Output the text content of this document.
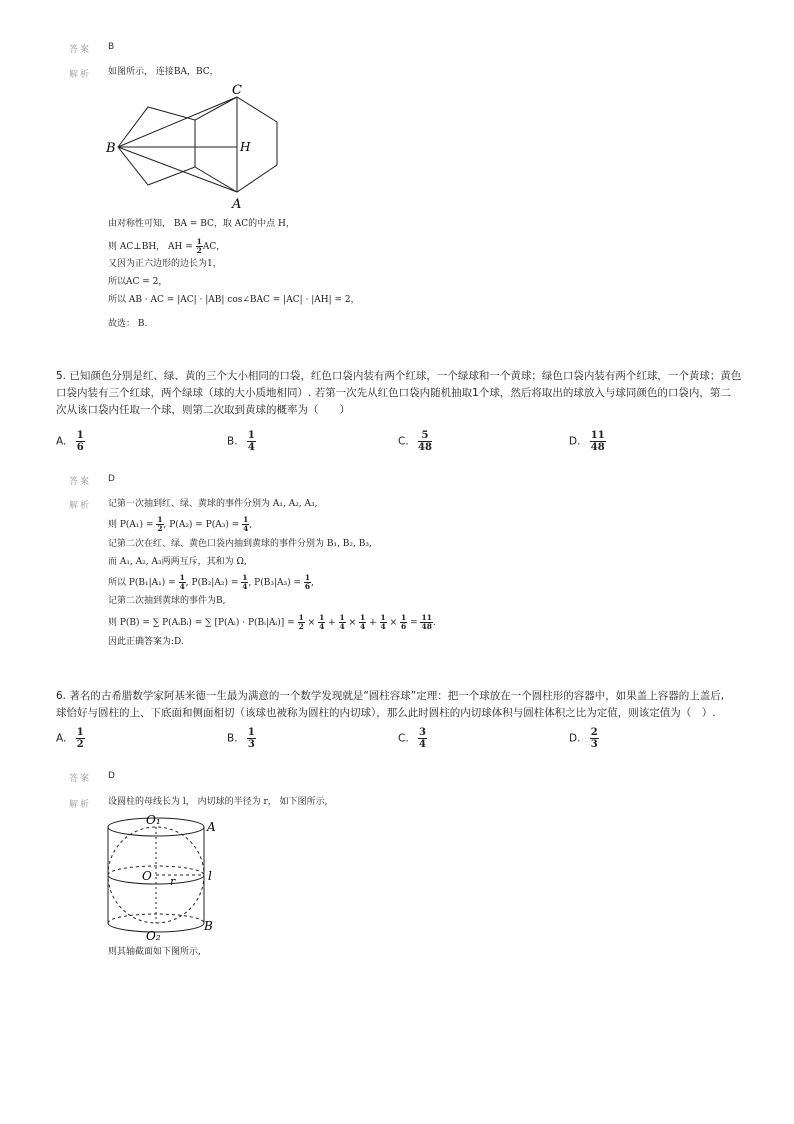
答案 B
解析 如图所示， 连接BA，BC，
C
B	H
A
由对称性可知， BA = BC，取 AC的中点 H，
则 AC⊥BH， AH = $\frac{1}{2}$ AC，
又因为正六边形的边长为1，
所以AC = 2，
所以 AB · AC = |AC| · |AB| cos∠BAC = |AC| · |AH| = 2，
故选： B.
5. 已知颜色分别是红、绿、黄的三个大小相同的口袋，红色口袋内装有两个红球，一个绿球和一个黄球；绿色口袋内装有两个红球，一个黄球；黄色
口袋内装有三个红球，两个绿球（球的大小质地相同）. 若第一次先从红色口袋内随机抽取1个球，然后将取出的球放入与球同颜色的口袋内，第二
次从该口袋内任取一个球，则第二次取到黄球的概率为（　　）
A. $\frac{1}{6}$	B. $\frac{1}{4}$	C. $\frac{5}{48}$	D. $\frac{11}{48}$
答案 D
解析 记第一次抽到红、绿、黄球的事件分别为 A₁, A₂, A₃,
则 $P(A_1) = \frac{1}{2}$ , $P(A_2) = P(A_3) = \frac{1}{4}$ ,
记第二次在红、绿、黄色口袋内抽到黄球的事件分别为 B₁, B₂, B₃,
而 A₁, A₂, A₃两两互斥，其和为 Ω,
所以 $P(B_1|A_1) = \frac{1}{4}$ , $P(B_2|A_2) = \frac{1}{4}$ , $P(B_3|A_3) = \frac{1}{6}$ ,
记第二次抽到黄球的事件为B,
则 P(B) = ∑ P(AᵢBᵢ) = ∑ [P(Aᵢ) · P(Bᵢ|Aᵢ)] = $\frac{1}{2} \times \frac{1}{4} + \frac{1}{4} \times \frac{1}{4} + \frac{1}{4} \times \frac{1}{6} = \frac{11}{48}$ .
因此正确答案为:D.
6. 著名的古希腊数学家阿基米德一生最为满意的一个数学发现就是“圆柱容球”定理：把一个球放在一个圆柱形的容器中，如果盖上容器的上盖后,
球恰好与圆柱的上、下底面和侧面相切（该球也被称为圆柱的内切球），那么此时圆柱的内切球体积与圆柱体积之比为定值，则该定值为（　）.
A. $\frac{1}{2}$	B. $\frac{1}{3}$	C. $\frac{3}{4}$	D. $\frac{2}{3}$
答案 D
解析 设圆柱的母线长为 l， 内切球的半径为 r， 如下图所示,
O₁	A
O r	l
O₂
B
则其轴截面如下图所示,
